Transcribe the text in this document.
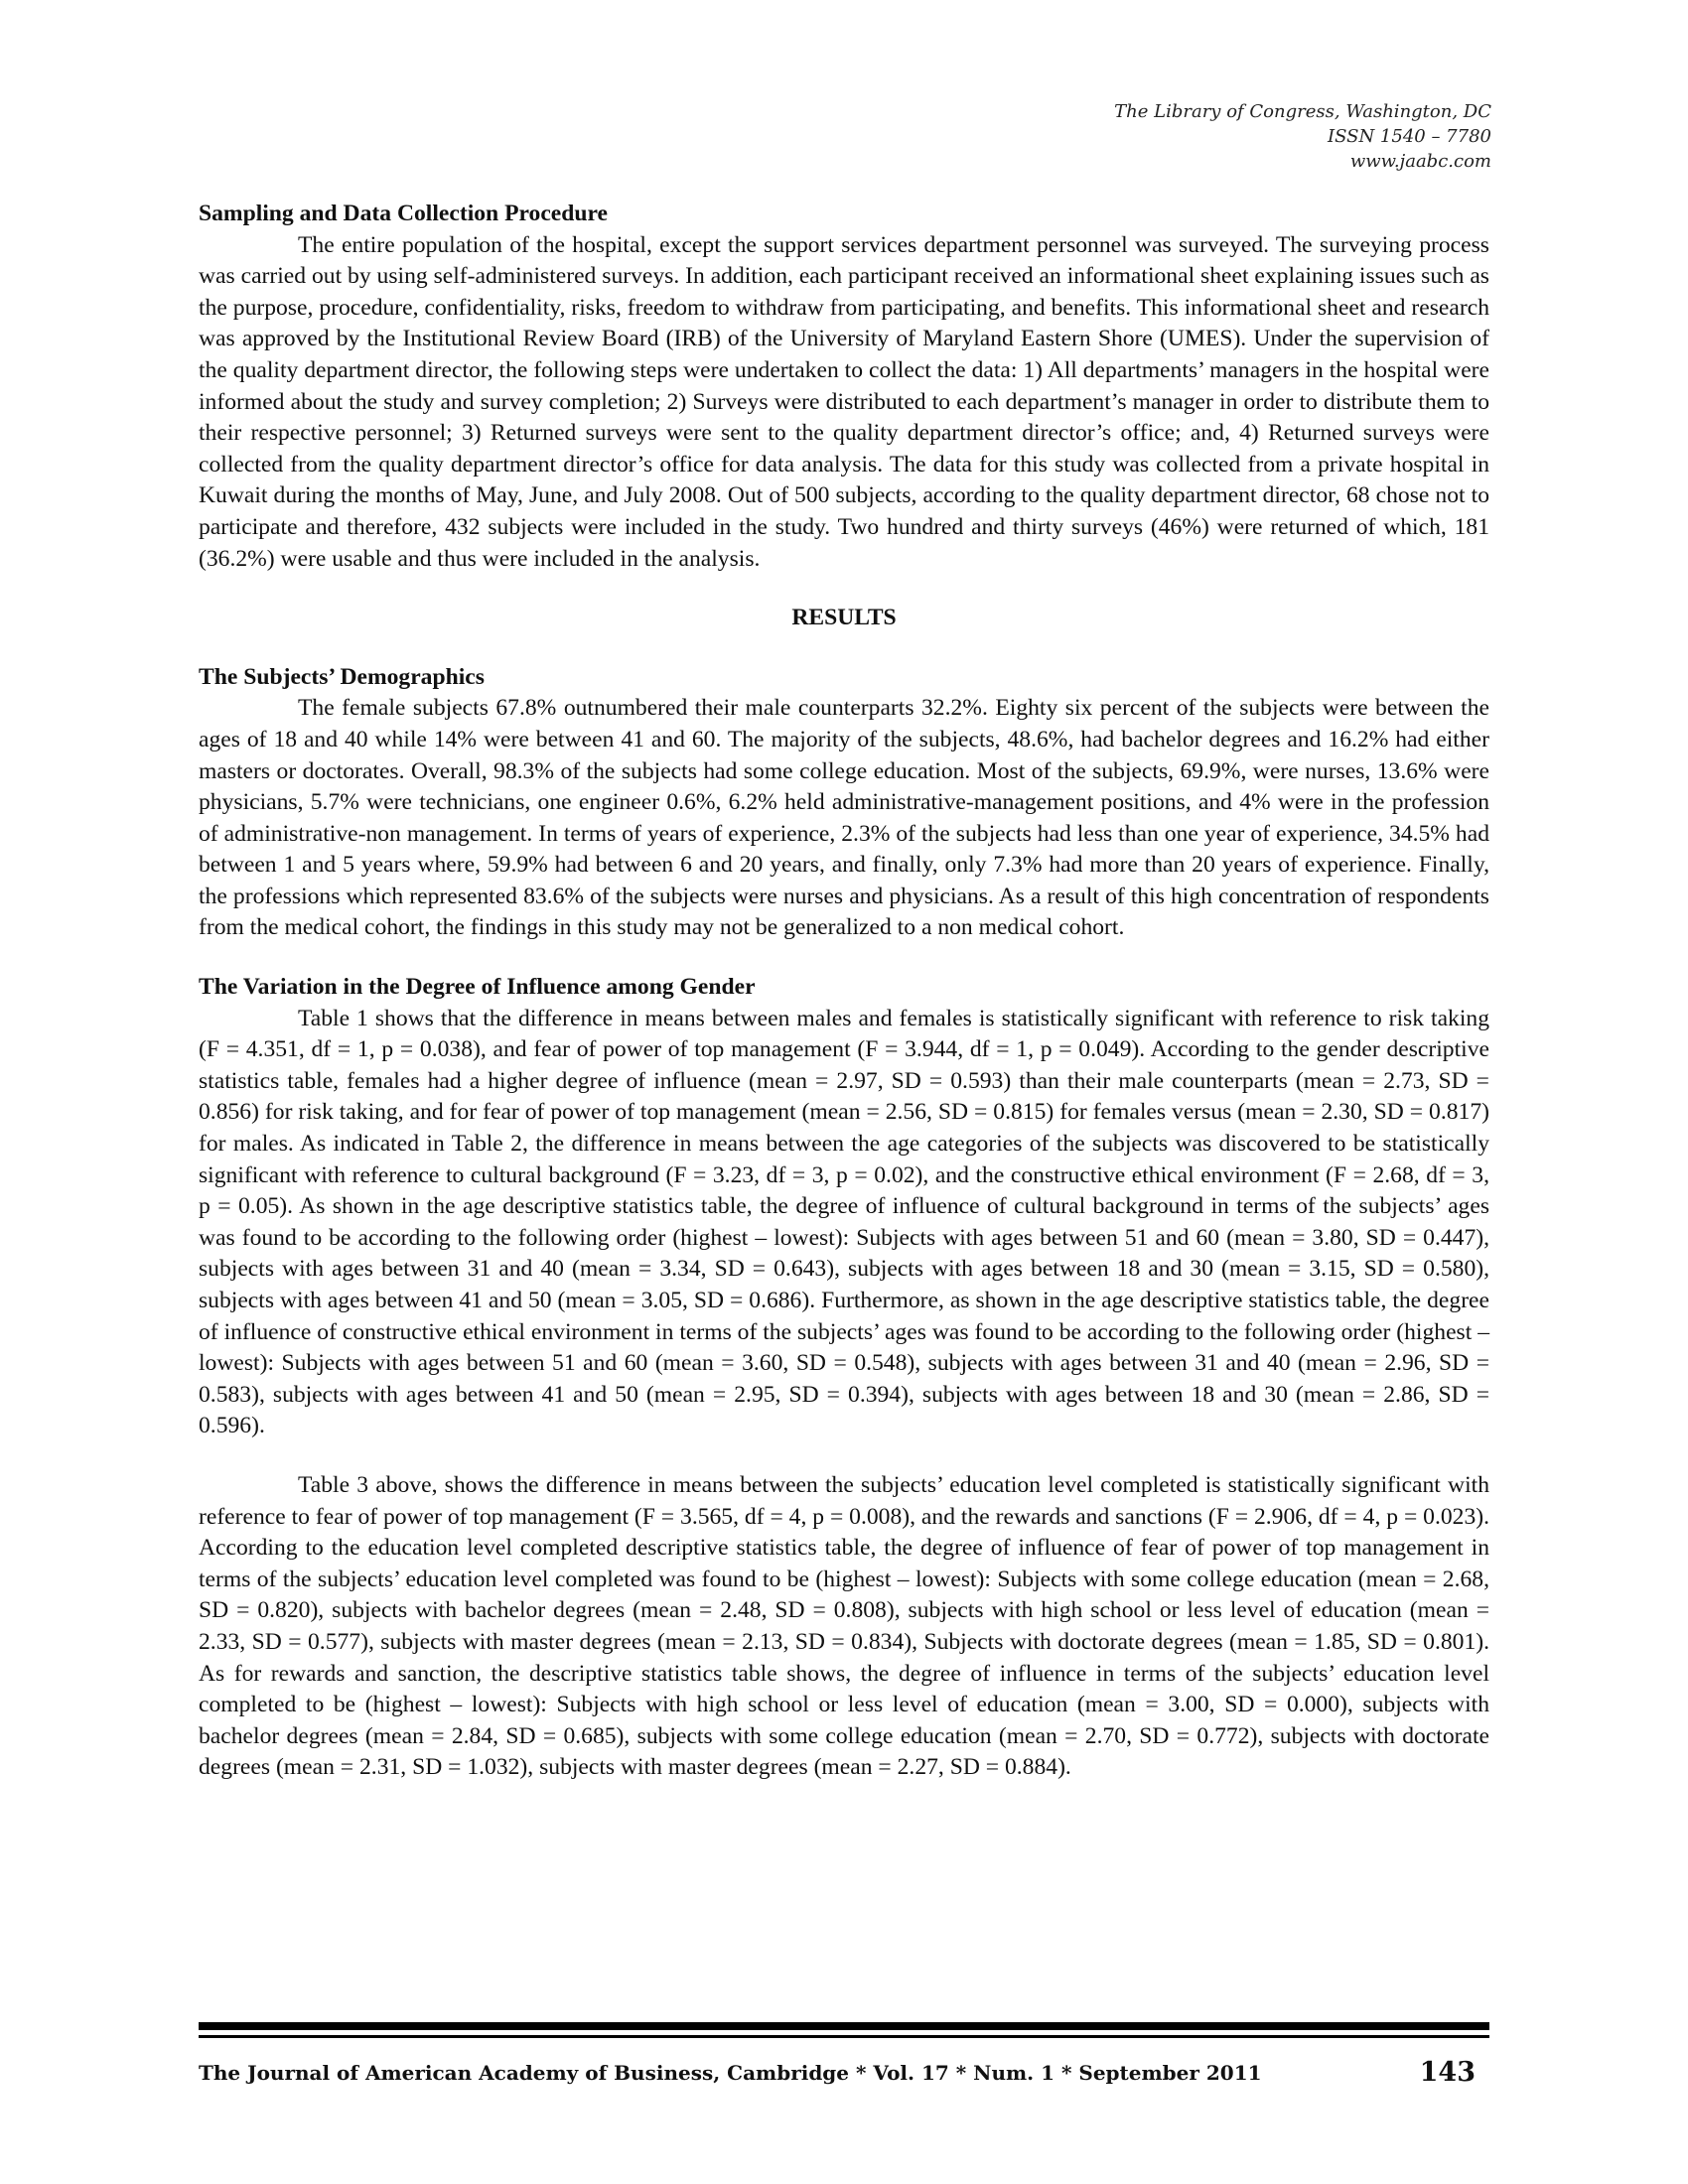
The Library of Congress, Washington, DC
ISSN 1540 – 7780
www.jaabc.com

Sampling and Data Collection Procedure

The entire population of the hospital, except the support services department personnel was surveyed. The surveying process was carried out by using self-administered surveys. In addition, each participant received an informational sheet explaining issues such as the purpose, procedure, confidentiality, risks, freedom to withdraw from participating, and benefits. This informational sheet and research was approved by the Institutional Review Board (IRB) of the University of Maryland Eastern Shore (UMES). Under the supervision of the quality department director, the following steps were undertaken to collect the data: 1) All departments’ managers in the hospital were informed about the study and survey completion; 2) Surveys were distributed to each department’s manager in order to distribute them to their respective personnel; 3) Returned surveys were sent to the quality department director’s office; and, 4) Returned surveys were collected from the quality department director’s office for data analysis. The data for this study was collected from a private hospital in Kuwait during the months of May, June, and July 2008. Out of 500 subjects, according to the quality department director, 68 chose not to participate and therefore, 432 subjects were included in the study. Two hundred and thirty surveys (46%) were returned of which, 181 (36.2%) were usable and thus were included in the analysis.

RESULTS

The Subjects’ Demographics

The female subjects 67.8% outnumbered their male counterparts 32.2%. Eighty six percent of the subjects were between the ages of 18 and 40 while 14% were between 41 and 60. The majority of the subjects, 48.6%, had bachelor degrees and 16.2% had either masters or doctorates. Overall, 98.3% of the subjects had some college education. Most of the subjects, 69.9%, were nurses, 13.6% were physicians, 5.7% were technicians, one engineer 0.6%, 6.2% held administrative-management positions, and 4% were in the profession of administrative-non management. In terms of years of experience, 2.3% of the subjects had less than one year of experience, 34.5% had between 1 and 5 years where, 59.9% had between 6 and 20 years, and finally, only 7.3% had more than 20 years of experience. Finally, the professions which represented 83.6% of the subjects were nurses and physicians. As a result of this high concentration of respondents from the medical cohort, the findings in this study may not be generalized to a non medical cohort.

The Variation in the Degree of Influence among Gender

Table 1 shows that the difference in means between males and females is statistically significant with reference to risk taking (F = 4.351, df = 1, p = 0.038), and fear of power of top management (F = 3.944, df = 1, p = 0.049). According to the gender descriptive statistics table, females had a higher degree of influence (mean = 2.97, SD = 0.593) than their male counterparts (mean = 2.73, SD = 0.856) for risk taking, and for fear of power of top management (mean = 2.56, SD = 0.815) for females versus (mean = 2.30, SD = 0.817) for males. As indicated in Table 2, the difference in means between the age categories of the subjects was discovered to be statistically significant with reference to cultural background (F = 3.23, df = 3, p = 0.02), and the constructive ethical environment (F = 2.68, df = 3, p = 0.05). As shown in the age descriptive statistics table, the degree of influence of cultural background in terms of the subjects’ ages was found to be according to the following order (highest – lowest): Subjects with ages between 51 and 60 (mean = 3.80, SD = 0.447), subjects with ages between 31 and 40 (mean = 3.34, SD = 0.643), subjects with ages between 18 and 30 (mean = 3.15, SD = 0.580), subjects with ages between 41 and 50 (mean = 3.05, SD = 0.686). Furthermore, as shown in the age descriptive statistics table, the degree of influence of constructive ethical environment in terms of the subjects’ ages was found to be according to the following order (highest – lowest): Subjects with ages between 51 and 60 (mean = 3.60, SD = 0.548), subjects with ages between 31 and 40 (mean = 2.96, SD = 0.583), subjects with ages between 41 and 50 (mean = 2.95, SD = 0.394), subjects with ages between 18 and 30 (mean = 2.86, SD = 0.596).

Table 3 above, shows the difference in means between the subjects’ education level completed is statistically significant with reference to fear of power of top management (F = 3.565, df = 4, p = 0.008), and the rewards and sanctions (F = 2.906, df = 4, p = 0.023). According to the education level completed descriptive statistics table, the degree of influence of fear of power of top management in terms of the subjects’ education level completed was found to be (highest – lowest): Subjects with some college education (mean = 2.68, SD = 0.820), subjects with bachelor degrees (mean = 2.48, SD = 0.808), subjects with high school or less level of education (mean = 2.33, SD = 0.577), subjects with master degrees (mean = 2.13, SD = 0.834), Subjects with doctorate degrees (mean = 1.85, SD = 0.801). As for rewards and sanction, the descriptive statistics table shows, the degree of influence in terms of the subjects’ education level completed to be (highest – lowest): Subjects with high school or less level of education (mean = 3.00, SD = 0.000), subjects with bachelor degrees (mean = 2.84, SD = 0.685), subjects with some college education (mean = 2.70, SD = 0.772), subjects with doctorate degrees (mean = 2.31, SD = 1.032), subjects with master degrees (mean = 2.27, SD = 0.884).

The Journal of American Academy of Business, Cambridge * Vol. 17 * Num. 1 * September 2011	143
